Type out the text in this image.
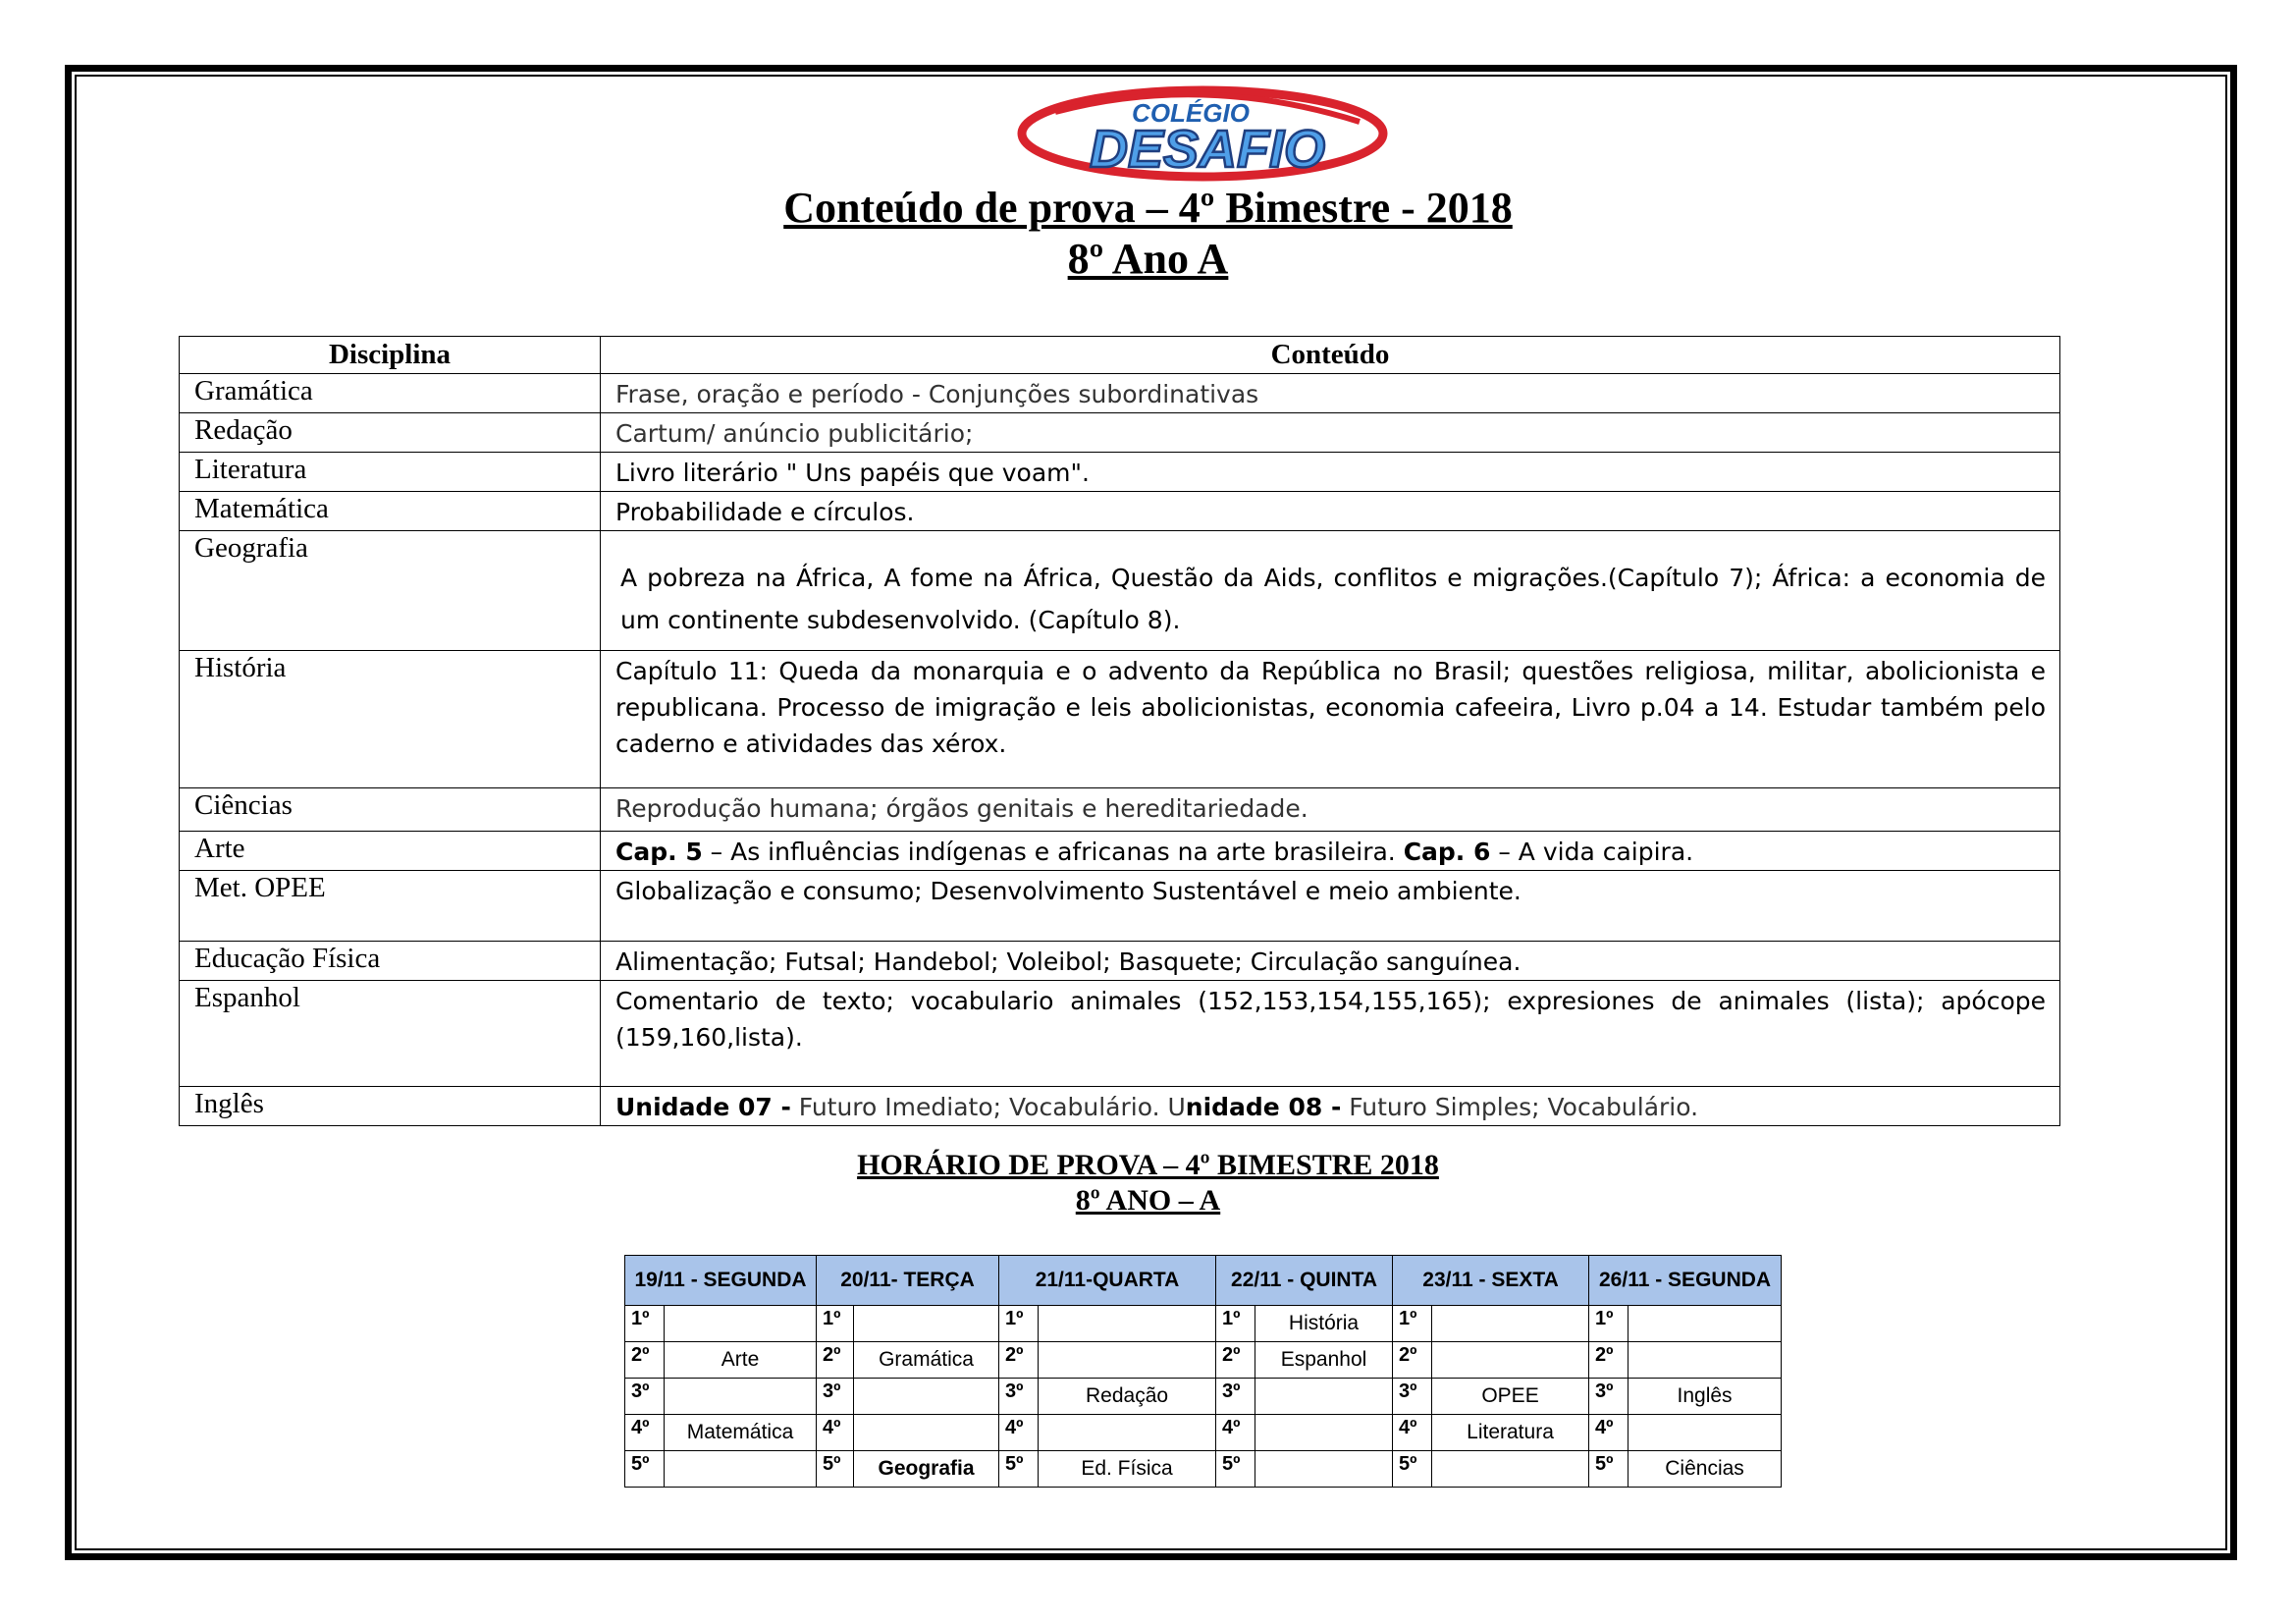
COLÉGIO
DESAFIO
Conteúdo de prova – 4º Bimestre - 2018
8º Ano A
Disciplina	Conteúdo
Gramática	Frase, oração e período - Conjunções subordinativas
Redação	Cartum/ anúncio publicitário;
Literatura	Livro literário " Uns papéis que voam".
Matemática	Probabilidade e círculos.
Geografia	A pobreza na África, A fome na África, Questão da Aids, conflitos e migrações.(Capítulo 7); África: a economia de um continente subdesenvolvido. (Capítulo 8).
História	Capítulo 11: Queda da monarquia e o advento da República no Brasil; questões religiosa, militar, abolicionista e republicana. Processo de imigração e leis abolicionistas, economia cafeeira, Livro p.04 a 14. Estudar também pelo caderno e atividades das xérox.
Ciências	Reprodução humana; órgãos genitais e hereditariedade.
Arte	Cap. 5 – As influências indígenas e africanas na arte brasileira. Cap. 6 – A vida caipira.
Met. OPEE	Globalização e consumo; Desenvolvimento Sustentável e meio ambiente.
Educação Física	Alimentação; Futsal; Handebol; Voleibol; Basquete; Circulação sanguínea.
Espanhol	Comentario de texto; vocabulario animales (152,153,154,155,165); expresiones de animales (lista); apócope (159,160,lista).
Inglês	Unidade 07 - Futuro Imediato; Vocabulário. Unidade 08 - Futuro Simples; Vocabulário.
HORÁRIO DE PROVA – 4º BIMESTRE 2018
8º ANO – A
19/11 - SEGUNDA		20/11- TERÇA		21/11-QUARTA		22/11 - QUINTA		23/11 - SEXTA		26/11 - SEGUNDA	
1º		1º		1º		1º	História	1º		1º	
2º	Arte	2º	Gramática	2º		2º	Espanhol	2º		2º	
3º		3º		3º	Redação	3º		3º	OPEE	3º	Inglês
4º	Matemática	4º		4º		4º		4º	Literatura	4º	
5º		5º	Geografia	5º	Ed. Física	5º		5º		5º	Ciências
